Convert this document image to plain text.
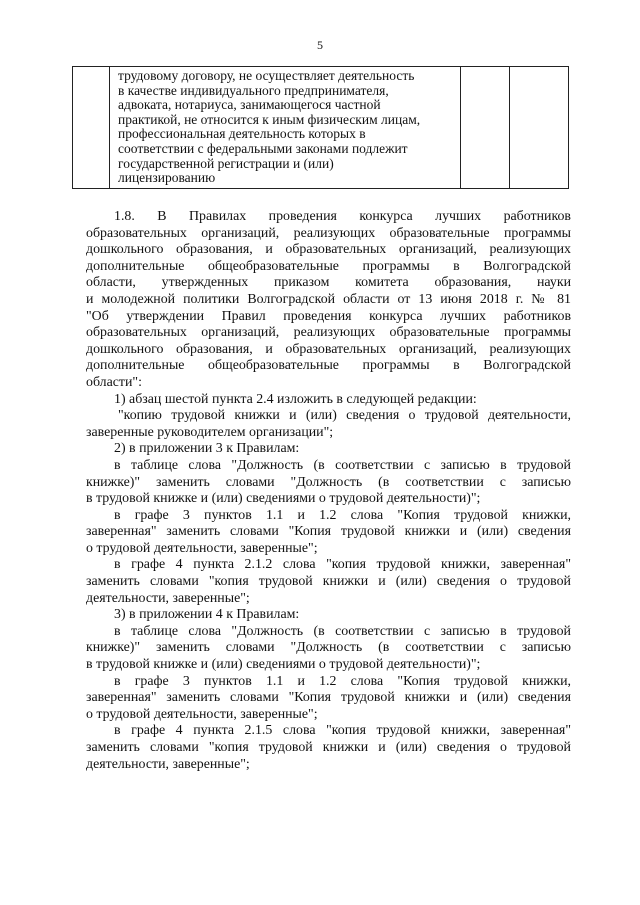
5
трудовому договору, не осуществляет деятельность
в качестве индивидуального предпринимателя,
адвоката, нотариуса, занимающегося частной
практикой, не относится к иным физическим лицам,
профессиональная деятельность которых в
соответствии с федеральными законами подлежит
государственной регистрации и (или)
лицензированию
1.8. В Правилах проведения конкурса лучших работников
образовательных организаций, реализующих образовательные программы
дошкольного образования, и образовательных организаций, реализующих
дополнительные общеобразовательные программы в Волгоградской
области, утвержденных приказом комитета образования, науки
и молодежной политики Волгоградской области от 13 июня 2018 г. № 81
"Об утверждении Правил проведения конкурса лучших работников
образовательных организаций, реализующих образовательные программы
дошкольного образования, и образовательных организаций, реализующих
дополнительные общеобразовательные программы в Волгоградской
области":
1) абзац шестой пункта 2.4 изложить в следующей редакции:
"копию трудовой книжки и (или) сведения о трудовой деятельности,
заверенные руководителем организации";
2) в приложении 3 к Правилам:
в таблице слова "Должность (в соответствии с записью в трудовой
книжке)" заменить словами "Должность (в соответствии с записью
в трудовой книжке и (или) сведениями о трудовой деятельности)";
в графе 3 пунктов 1.1 и 1.2 слова "Копия трудовой книжки,
заверенная" заменить словами "Копия трудовой книжки и (или) сведения
о трудовой деятельности, заверенные";
в графе 4 пункта 2.1.2 слова "копия трудовой книжки, заверенная"
заменить словами "копия трудовой книжки и (или) сведения о трудовой
деятельности, заверенные";
3) в приложении 4 к Правилам:
в таблице слова "Должность (в соответствии с записью в трудовой
книжке)" заменить словами "Должность (в соответствии с записью
в трудовой книжке и (или) сведениями о трудовой деятельности)";
в графе 3 пунктов 1.1 и 1.2 слова "Копия трудовой книжки,
заверенная" заменить словами "Копия трудовой книжки и (или) сведения
о трудовой деятельности, заверенные";
в графе 4 пункта 2.1.5 слова "копия трудовой книжки, заверенная"
заменить словами "копия трудовой книжки и (или) сведения о трудовой
деятельности, заверенные";
